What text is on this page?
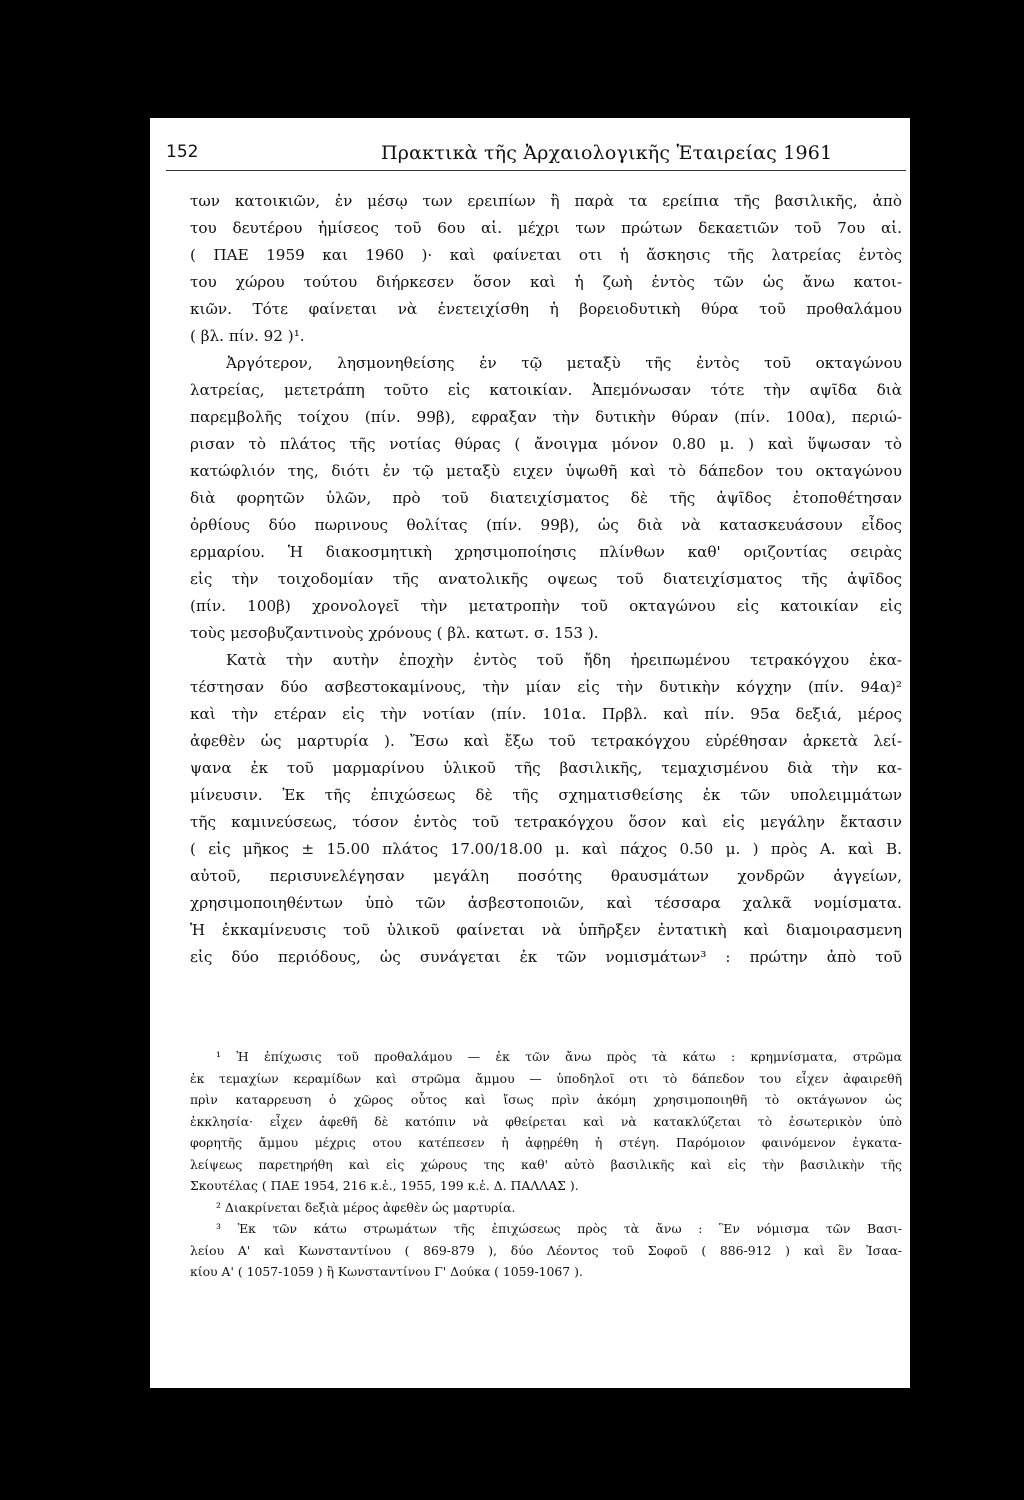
152	Πρακτικὰ τῆς Ἀρχαιολογικῆς Ἑταιρείας 1961
των κατοικιῶν, ἐν μέσῳ των ερειπίων ἢ παρὰ τα ερείπια τῆς βασιλικῆς, ἀπὸ
του δευτέρου ἡμίσεος τοῦ 6ου αἱ. μέχρι των πρώτων δεκαετιῶν τοῦ 7ου αἱ.
( ΠΑΕ 1959 και 1960 )· καὶ φαίνεται οτι ἡ ἄσκησις τῆς λατρείας ἐντὸς
του χώρου τούτου διήρκεσεν ὅσον καὶ ἡ ζωὴ ἐντὸς τῶν ὡς ἄνω κατοι-
κιῶν. Τότε φαίνεται νὰ ἐνετειχίσθη ἡ βορειοδυτικὴ θύρα τοῦ προθαλάμου
( βλ. πίν. 92 )¹.
Ἀργότερον, λησμονηθείσης ἐν τῷ μεταξὺ τῆς ἐντὸς τοῦ οκταγώνου
λατρείας, μετετράπη τοῦτο εἰς κατοικίαν. Ἀπεμόνωσαν τότε τὴν αψῖδα διὰ
παρεμβολῆς τοίχου (πίν. 99β), εφραξαν τὴν δυτικὴν θύραν (πίν. 100α), περιώ-
ρισαν τὸ πλάτος τῆς νοτίας θύρας ( ἄνοιγμα μόνον 0.80 μ. ) καὶ ὕψωσαν τὸ
κατώφλιόν της, διότι ἐν τῷ μεταξὺ ειχεν ὑψωθῆ καὶ τὸ δάπεδον του οκταγώνου
διὰ φορητῶν ὑλῶν, πρὸ τοῦ διατειχίσματος δὲ τῆς ἀψῖδος ἐτοποθέτησαν
ὀρθίους δύο πωρινους θολίτας (πίν. 99β), ὡς διὰ νὰ κατασκευάσουν εἶδος
ερμαρίου. Ἡ διακοσμητικὴ χρησιμοποίησις πλίνθων καθ' οριζοντίας σειρὰς
εἰς τὴν τοιχοδομίαν τῆς ανατολικῆς οψεως τοῦ διατειχίσματος τῆς ἀψῖδος
(πίν. 100β) χρονολογεῖ τὴν μετατροπὴν τοῦ οκταγώνου εἰς κατοικίαν εἰς
τοὺς μεσοβυζαντινοὺς χρόνους ( βλ. κατωτ. σ. 153 ).
Κατὰ τὴν αυτὴν ἐποχὴν ἐντὸς τοῦ ἤδη ἠρειπωμένου τετρακόγχου ἐκα-
τέστησαν δύο ασβεστοκαμίνους, τὴν μίαν εἰς τὴν δυτικὴν κόγχην (πίν. 94α)²
καὶ τὴν ετέραν εἰς τὴν νοτίαν (πίν. 101α. Πρβλ. καὶ πίν. 95α δεξιά, μέρος
ἀφεθὲν ὡς μαρτυρία ). Ἔσω καὶ ἔξω τοῦ τετρακόγχου εὑρέθησαν ἀρκετὰ λεί-
ψανα ἐκ τοῦ μαρμαρίνου ὑλικοῦ τῆς βασιλικῆς, τεμαχισμένου διὰ τὴν κα-
μίνευσιν. Ἐκ τῆς ἐπιχώσεως δὲ τῆς σχηματισθείσης ἐκ τῶν υπολειμμάτων
τῆς καμινεύσεως, τόσον ἐντὸς τοῦ τετρακόγχου ὅσον καὶ εἰς μεγάλην ἔκτασιν
( εἰς μῆκος ± 15.00 πλάτος 17.00/18.00 μ. καὶ πάχος 0.50 μ. ) πρὸς Α. καὶ Β.
αὐτοῦ, περισυνελέγησαν μεγάλη ποσότης θραυσμάτων χονδρῶν ἀγγείων,
χρησιμοποιηθέντων ὑπὸ τῶν ἀσβεστοποιῶν, καὶ τέσσαρα χαλκᾶ νομίσματα.
Ἡ ἐκκαμίνευσις τοῦ ὑλικοῦ φαίνεται νὰ ὑπῆρξεν ἐντατικὴ καὶ διαμοιρασμενη
εἰς δύο περιόδους, ὡς συνάγεται ἐκ τῶν νομισμάτων³ : πρώτην ἀπὸ τοῦ
¹ Ἡ ἐπίχωσις τοῦ προθαλάμου — ἐκ τῶν ἄνω πρὸς τὰ κάτω : κρημνίσματα, στρῶμα
ἐκ τεμαχίων κεραμίδων καὶ στρῶμα ἄμμου — ὑποδηλοῖ οτι τὸ δάπεδον του εἶχεν ἀφαιρεθῆ
πρὶν καταρρευση ὁ χῶρος οὗτος καὶ ἴσως πρὶν ἀκόμη χρησιμοποιηθῆ τὸ οκτάγωνον ὡς
ἐκκλησία· εἶχεν ἀφεθῆ δὲ κατόπιν νὰ φθείρεται καὶ νὰ κατακλύζεται τὸ ἐσωτερικὸν ὑπὸ
φορητῆς ἄμμου μέχρις οτου κατέπεσεν ἡ ἀφῃρέθη ἡ στέγη. Παρόμοιον φαινόμενον ἐγκατα-
λείψεως παρετηρήθη καὶ εἰς χώρους της καθ' αὐτὸ βασιλικῆς καὶ εἰς τὴν βασιλικὴν τῆς
Σκουτέλας ( ΠΑΕ 1954, 216 κ.ἑ., 1955, 199 κ.ἑ. Δ. ΠΑΛΛΑΣ ).
² Διακρίνεται δεξιὰ μέρος ἀφεθὲν ὡς μαρτυρία.
³ Ἐκ τῶν κάτω στρωμάτων τῆς ἐπιχώσεως πρὸς τὰ ἄνω : Ἓν νόμισμα τῶν Βασι-
λείου Α' καὶ Κωνσταντίνου ( 869-879 ), δύο Λέοντος τοῦ Σοφοῦ ( 886-912 ) καὶ ἓν Ἰσαα-
κίου Α' ( 1057-1059 ) ἢ Κωνσταντίνου Γ' Δούκα ( 1059-1067 ).
